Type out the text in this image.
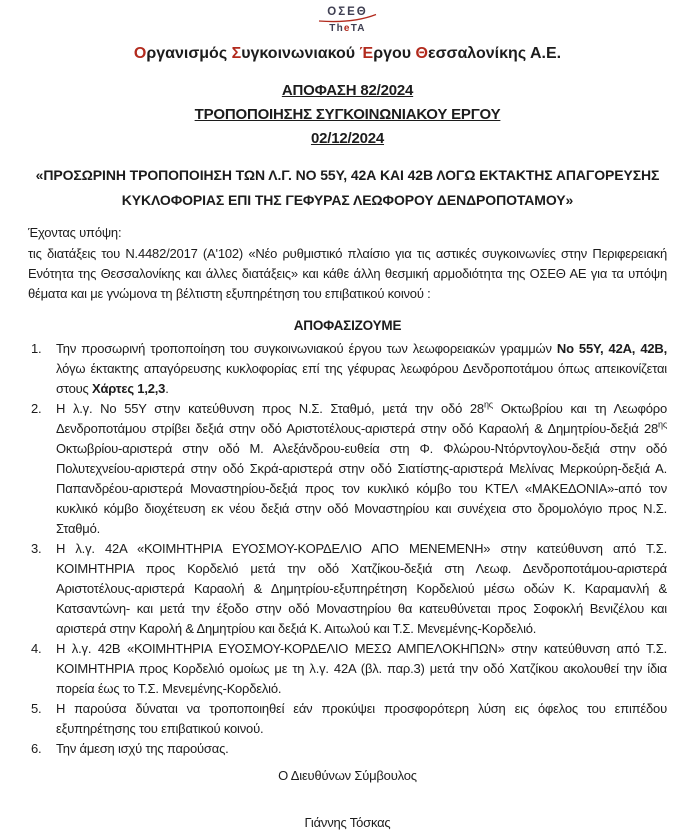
ΟΣΕΘ
TheTA
Οργανισμός Συγκοινωνιακού Έργου Θεσσαλονίκης Α.Ε.
ΑΠΟΦΑΣΗ 82/2024
ΤΡΟΠΟΠΟΙΗΣΗΣ ΣΥΓΚΟΙΝΩΝΙΑΚΟΥ ΕΡΓΟΥ
02/12/2024
«ΠΡΟΣΩΡΙΝΗ ΤΡΟΠΟΠΟΙΗΣΗ ΤΩΝ Λ.Γ. ΝΟ 55Υ, 42Α ΚΑΙ 42Β ΛΟΓΩ ΕΚΤΑΚΤΗΣ ΑΠΑΓΟΡΕΥΣΗΣ ΚΥΚΛΟΦΟΡΙΑΣ ΕΠΙ ΤΗΣ ΓΕΦΥΡΑΣ ΛΕΩΦΟΡΟΥ ΔΕΝΔΡΟΠΟΤΑΜΟΥ»

Έχοντας υπόψη:

τις διατάξεις του Ν.4482/2017 (Α'102) «Νέο ρυθμιστικό πλαίσιο για τις αστικές συγκοινωνίες στην Περιφερειακή Ενότητα της Θεσσαλονίκης και άλλες διατάξεις» και κάθε άλλη θεσμική αρμοδιότητα της ΟΣΕΘ ΑΕ για τα υπόψη θέματα και με γνώμονα τη βέλτιστη εξυπηρέτηση του επιβατικού κοινού :

ΑΠΟΦΑΣΙΖΟΥΜΕ
1.	Την προσωρινή τροποποίηση του συγκοινωνιακού έργου των λεωφορειακών γραμμών Νο 55Υ, 42Α, 42Β, λόγω έκτακτης απαγόρευσης κυκλοφορίας επί της γέφυρας λεωφόρου Δενδροποτάμου όπως απεικονίζεται στους Χάρτες 1,2,3.
2.	Η λ.γ. Νο 55Υ στην κατεύθυνση προς Ν.Σ. Σταθμό, μετά την οδό $28^{\eta\varsigma}$ Οκτωβρίου και τη Λεωφόρο Δενδροποτάμου στρίβει δεξιά στην οδό Αριστοτέλους-αριστερά στην οδό Καραολή & Δημητρίου-δεξιά $28^{\eta\varsigma}$ Οκτωβρίου-αριστερά στην οδό Μ. Αλεξάνδρου-ευθεία στη Φ. Φλώρου-Ντόρντογλου-δεξιά στην οδό Πολυτεχνείου-αριστερά στην οδό Σκρά-αριστερά στην οδό Σιατίστης-αριστερά Μελίνας Μερκούρη-δεξιά Α. Παπανδρέου-αριστερά Μοναστηρίου-δεξιά προς τον κυκλικό κόμβο του ΚΤΕΛ «ΜΑΚΕΔΟΝΙΑ»-από τον κυκλικό κόμβο διοχέτευση εκ νέου δεξιά στην οδό Μοναστηρίου και συνέχεια στο δρομολόγιο προς Ν.Σ. Σταθμό.
3.	Η λ.γ. 42Α «ΚΟΙΜΗΤΗΡΙΑ ΕΥΟΣΜΟΥ-ΚΟΡΔΕΛΙΟ ΑΠΟ ΜΕΝΕΜΕΝΗ» στην κατεύθυνση από Τ.Σ. ΚΟΙΜΗΤΗΡΙΑ προς Κορδελιό μετά την οδό Χατζίκου-δεξιά στη Λεωφ. Δενδροποτάμου-αριστερά Αριστοτέλους-αριστερά Καραολή & Δημητρίου-εξυπηρέτηση Κορδελιού μέσω οδών Κ. Καραμανλή & Κατσαντώνη- και μετά την έξοδο στην οδό Μοναστηρίου θα κατευθύνεται προς Σοφοκλή Βενιζέλου και αριστερά στην Καρολή & Δημητρίου και δεξιά Κ. Αιτωλού και Τ.Σ. Μενεμένης-Κορδελιό.
4.	Η λ.γ. 42Β «ΚΟΙΜΗΤΗΡΙΑ ΕΥΟΣΜΟΥ-ΚΟΡΔΕΛΙΟ ΜΕΣΩ ΑΜΠΕΛΟΚΗΠΩΝ» στην κατεύθυνση από Τ.Σ. ΚΟΙΜΗΤΗΡΙΑ προς Κορδελιό ομοίως με τη λ.γ. 42Α (βλ. παρ.3) μετά την οδό Χατζίκου ακολουθεί την ίδια πορεία έως το Τ.Σ. Μενεμένης-Κορδελιό.
5.	Η παρούσα δύναται να τροποποιηθεί εάν προκύψει προσφορότερη λύση εις όφελος του επιπέδου εξυπηρέτησης του επιβατικού κοινού.
6.	Την άμεση ισχύ της παρούσας.
Ο Διευθύνων Σύμβουλος
Γιάννης Τόσκας
